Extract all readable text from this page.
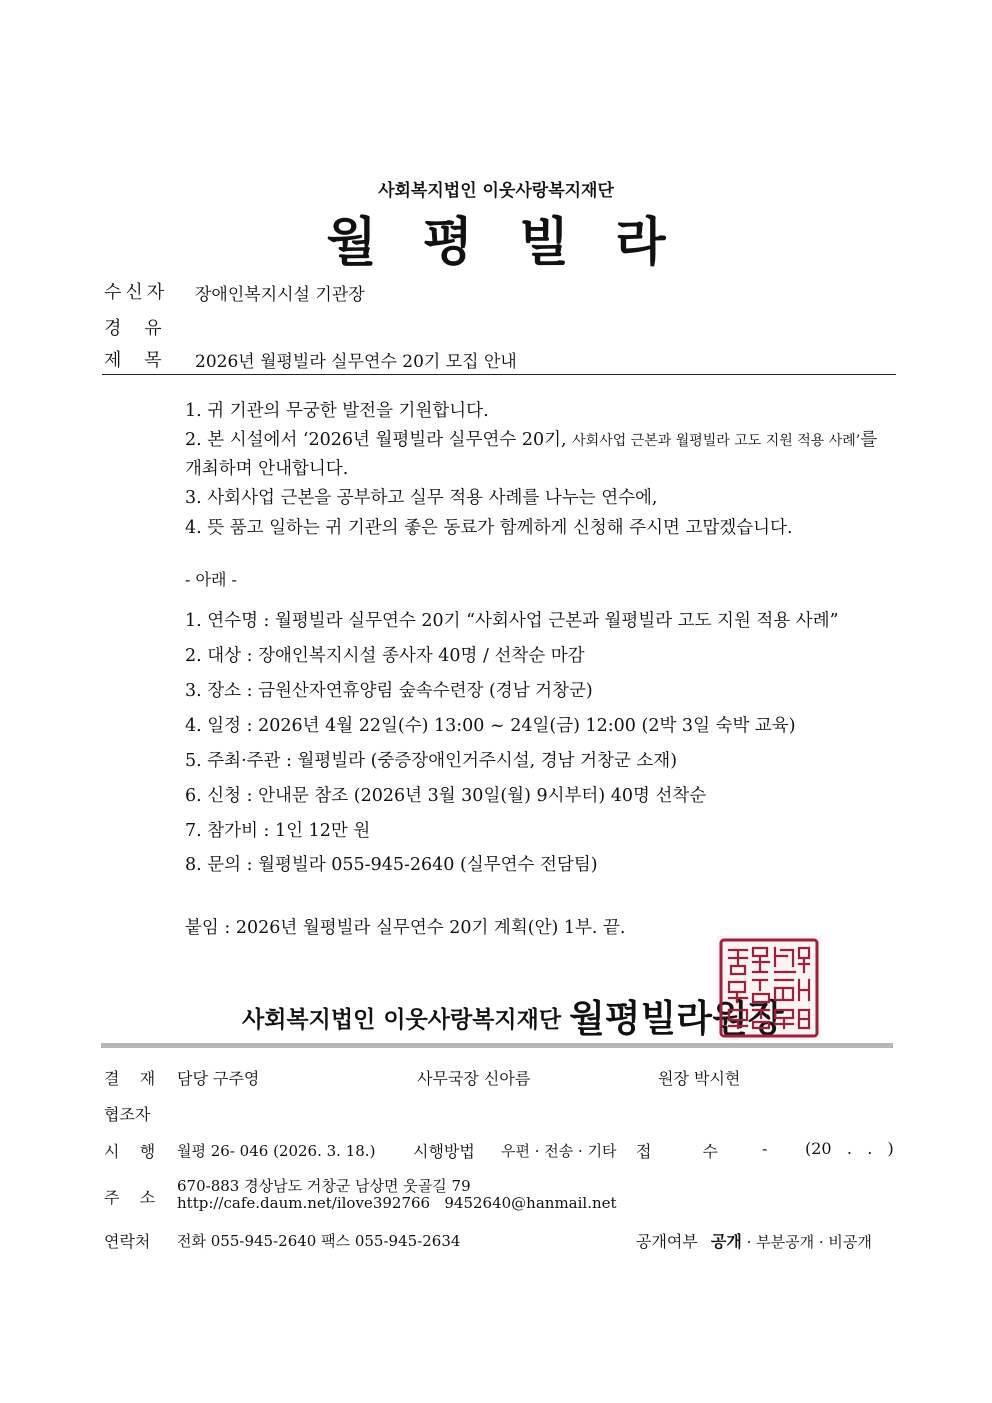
사회복지법인 이웃사랑복지재단
월 평 빌 라
수신자 장애인복지시설 기관장
경    유
제    목 2026년 월평빌라 실무연수 20기 모집 안내
1. 귀 기관의 무궁한 발전을 기원합니다.
2. 본 시설에서 ‘2026년 월평빌라 실무연수 20기, 사회사업 근본과 월평빌라 고도 지원 적용 사례’를
개최하며 안내합니다.
3. 사회사업 근본을 공부하고 실무 적용 사례를 나누는 연수에,
4. 뜻 품고 일하는 귀 기관의 좋은 동료가 함께하게 신청해 주시면 고맙겠습니다.
- 아래 -
1. 연수명 : 월평빌라 실무연수 20기 “사회사업 근본과 월평빌라 고도 지원 적용 사례”
2. 대상 : 장애인복지시설 종사자 40명 / 선착순 마감
3. 장소 : 금원산자연휴양림 숲속수련장 (경남 거창군)
4. 일정 : 2026년 4월 22일(수) 13:00 ~ 24일(금) 12:00 (2박 3일 숙박 교육)
5. 주최·주관 : 월평빌라 (중증장애인거주시설, 경남 거창군 소재)
6. 신청 : 안내문 참조 (2026년 3월 30일(월) 9시부터) 40명 선착순
7. 참가비 : 1인 12만 원
8. 문의 : 월평빌라 055-945-2640 (실무연수 전담팀)
붙임 : 2026년 월평빌라 실무연수 20기 계획(안) 1부. 끝.
사회복지법인 이웃사랑복지재단 월평빌라원장
결    재 담당 구주영	사무국장 신아름	원장 박시현
협조자
시    행 월평 26- 046 (2026. 3. 18.) 시행방법 우편 · 전송 · 기타 접          수	- (20   .   .   )
주    소
670-883 경상남도 거창군 남상면 웃골길 79
http://cafe.daum.net/ilove392766   9452640@hanmail.net
연락처 전화 055-945-2640 팩스 055-945-2634	공개여부 공개 · 부분공개 · 비공개
